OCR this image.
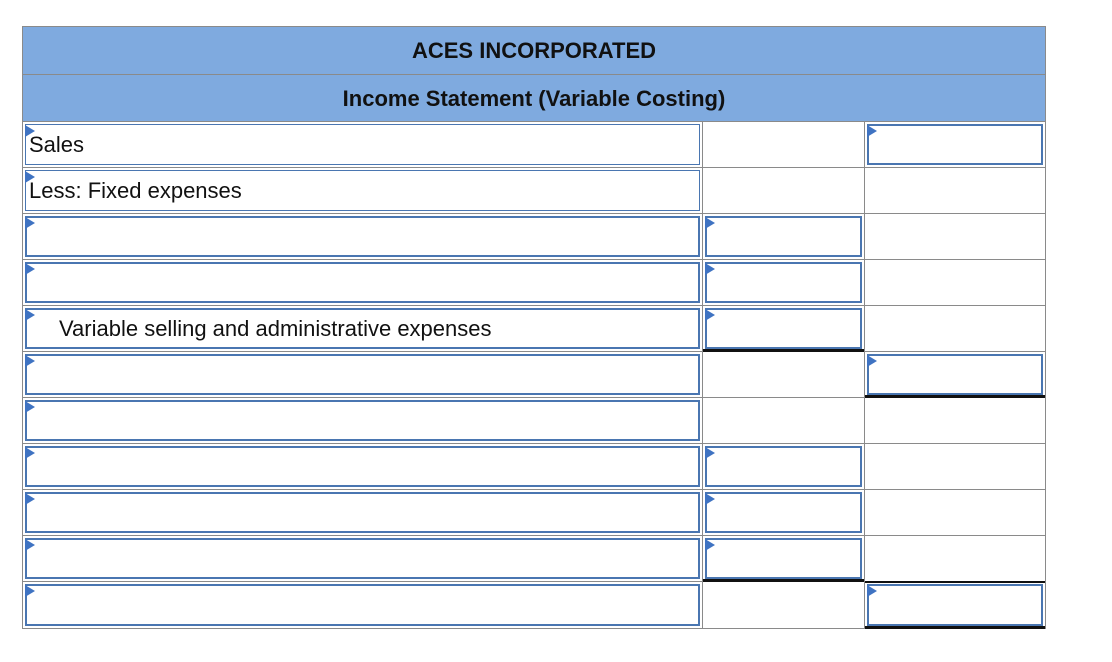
ACES INCORPORATED
Income Statement (Variable Costing)
Sales
Less: Fixed expenses
Variable selling and administrative expenses
